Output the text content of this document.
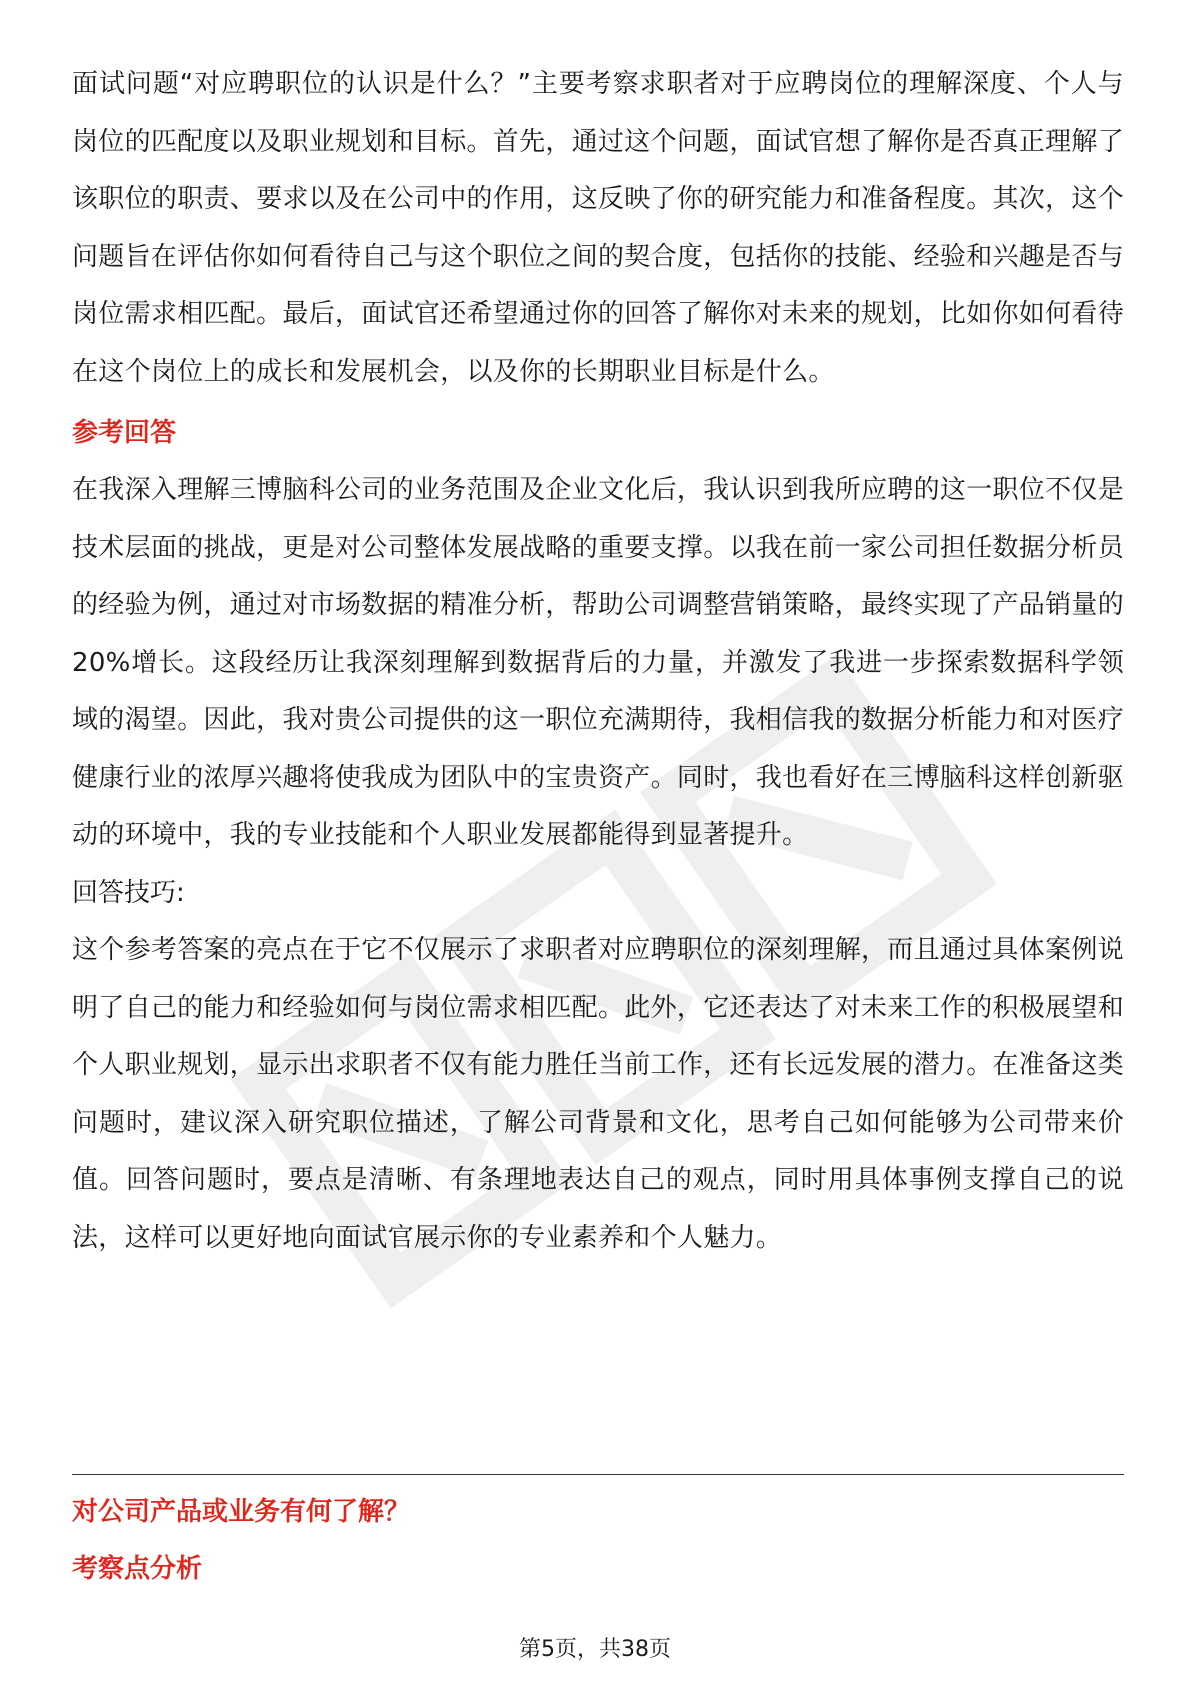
面试问题“对应聘职位的认识是什么？”主要考察求职者对于应聘岗位的理解深度、个人与岗位的匹配度以及职业规划和目标。首先，通过这个问题，面试官想了解你是否真正理解了该职位的职责、要求以及在公司中的作用，这反映了你的研究能力和准备程度。其次，这个问题旨在评估你如何看待自己与这个职位之间的契合度，包括你的技能、经验和兴趣是否与岗位需求相匹配。最后，面试官还希望通过你的回答了解你对未来的规划，比如你如何看待在这个岗位上的成长和发展机会，以及你的长期职业目标是什么。

参考回答

在我深入理解三博脑科公司的业务范围及企业文化后，我认识到我所应聘的这一职位不仅是技术层面的挑战，更是对公司整体发展战略的重要支撑。以我在前一家公司担任数据分析员的经验为例，通过对市场数据的精准分析，帮助公司调整营销策略，最终实现了产品销量的20%增长。这段经历让我深刻理解到数据背后的力量，并激发了我进一步探索数据科学领域的渴望。因此，我对贵公司提供的这一职位充满期待，我相信我的数据分析能力和对医疗健康行业的浓厚兴趣将使我成为团队中的宝贵资产。同时，我也看好在三博脑科这样创新驱动的环境中，我的专业技能和个人职业发展都能得到显著提升。

回答技巧:

这个参考答案的亮点在于它不仅展示了求职者对应聘职位的深刻理解，而且通过具体案例说明了自己的能力和经验如何与岗位需求相匹配。此外，它还表达了对未来工作的积极展望和个人职业规划，显示出求职者不仅有能力胜任当前工作，还有长远发展的潜力。在准备这类问题时，建议深入研究职位描述，了解公司背景和文化，思考自己如何能够为公司带来价值。回答问题时，要点是清晰、有条理地表达自己的观点，同时用具体事例支撑自己的说法，这样可以更好地向面试官展示你的专业素养和个人魅力。

对公司产品或业务有何了解？

考察点分析

第5页，共38页
